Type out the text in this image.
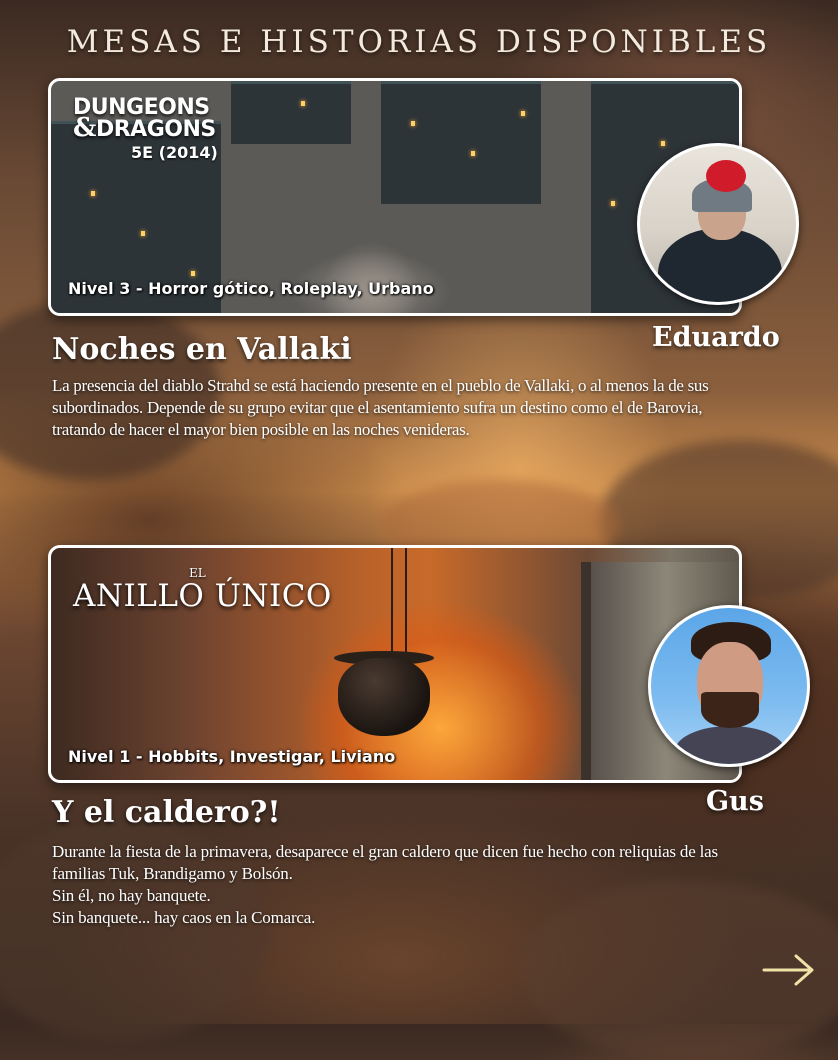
MESAS E HISTORIAS DISPONIBLES
DUNGEONS
&DRAGONS
5E (2014)
Nivel 3 - Horror gótico, Roleplay, Urbano
Eduardo
Noches en Vallaki

La presencia del diablo Strahd se está haciendo presente en el pueblo de Vallaki, o al menos la de sus subordinados. Depende de su grupo evitar que el asentamiento sufra un destino como el de Barovia, tratando de hacer el mayor bien posible en las noches venideras.

EL
ANILLO ÚNICO
Nivel 1 - Hobbits, Investigar, Liviano
Gus
Y el caldero?!

Durante la fiesta de la primavera, desaparece el gran caldero que dicen fue hecho con reliquias de las familias Tuk, Brandigamo y Bolsón.

Sin él, no hay banquete.

Sin banquete... hay caos en la Comarca.
